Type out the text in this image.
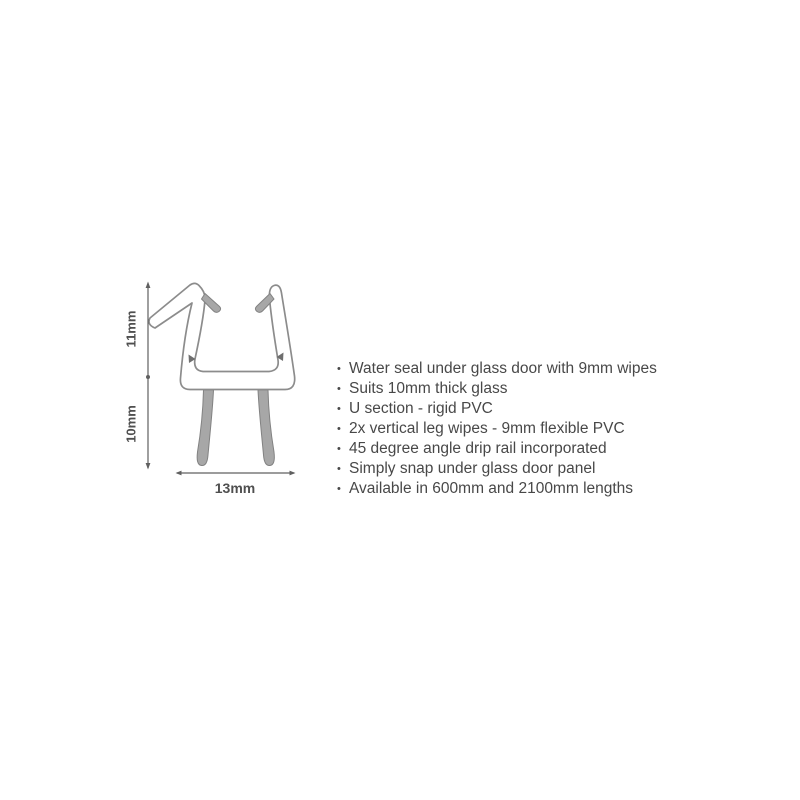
11mm
10mm
13mm
• Water seal under glass door with 9mm wipes
• Suits 10mm thick glass
• U section - rigid PVC
• 2x vertical leg wipes - 9mm flexible PVC
• 45 degree angle drip rail incorporated
• Simply snap under glass door panel
• Available in 600mm and 2100mm lengths
